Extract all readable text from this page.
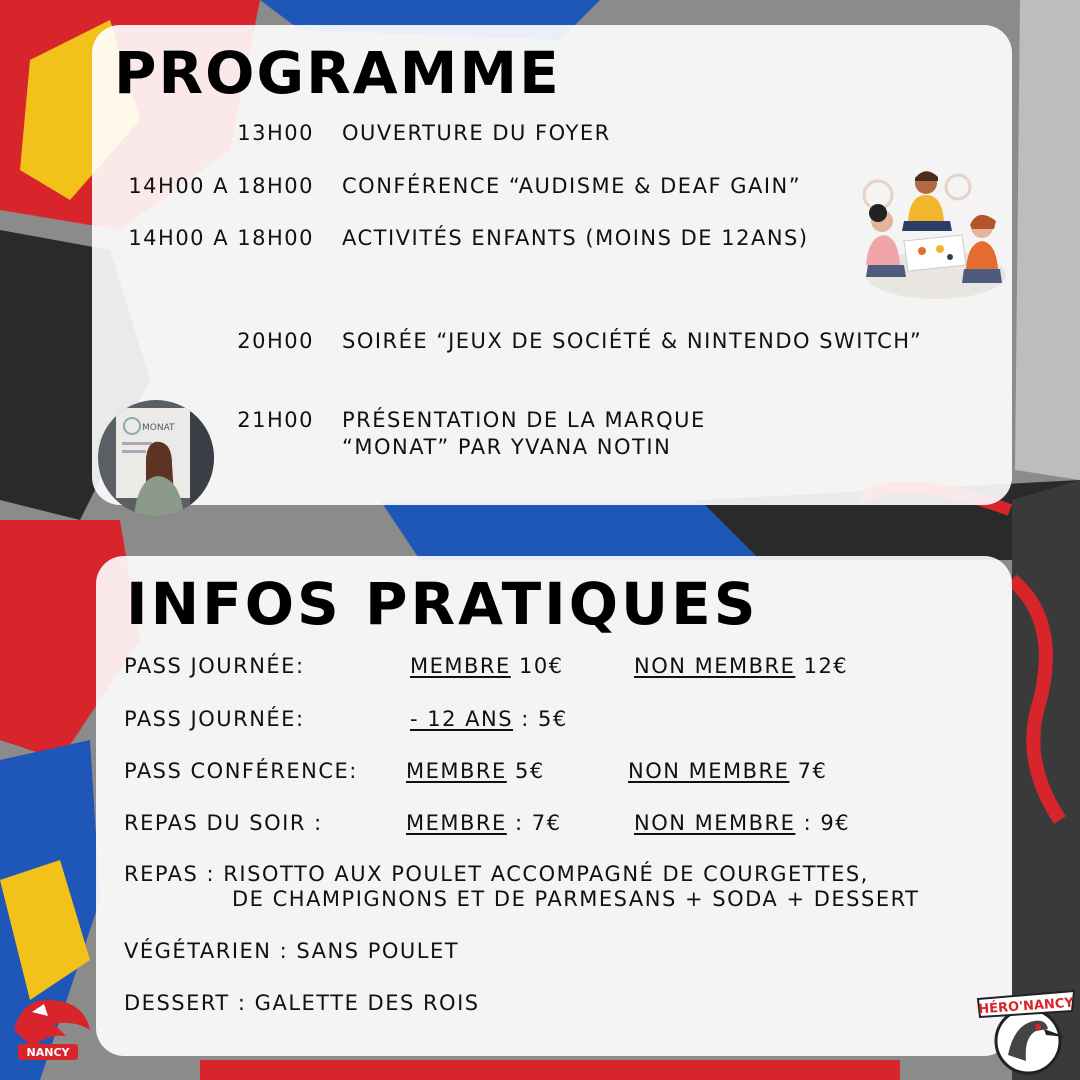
PROGRAMME
13H00 OUVERTURE DU FOYER
14H00 A 18H00 CONFÉRENCE “AUDISME & DEAF GAIN”
14H00 A 18H00 ACTIVITÉS ENFANTS (MOINS DE 12ANS)
20H00 SOIRÉE “JEUX DE SOCIÉTÉ & NINTENDO SWITCH”
21H00 PRÉSENTATION DE LA MARQUE
“MONAT” PAR YVANA NOTIN
MONAT
INFOS PRATIQUES
PASS JOURNÉE:	MEMBRE 10€	NON MEMBRE 12€
PASS JOURNÉE:	- 12 ANS : 5€
PASS CONFÉRENCE: MEMBRE 5€	NON MEMBRE 7€
REPAS DU SOIR :	MEMBRE : 7€	NON MEMBRE : 9€
REPAS : RISOTTO AUX POULET ACCOMPAGNÉ DE COURGETTES,
DE CHAMPIGNONS ET DE PARMESANS + SODA + DESSERT
VÉGÉTARIEN : SANS POULET
DESSERT : GALETTE DES ROIS
NANCY
HÉRO'NANCY
